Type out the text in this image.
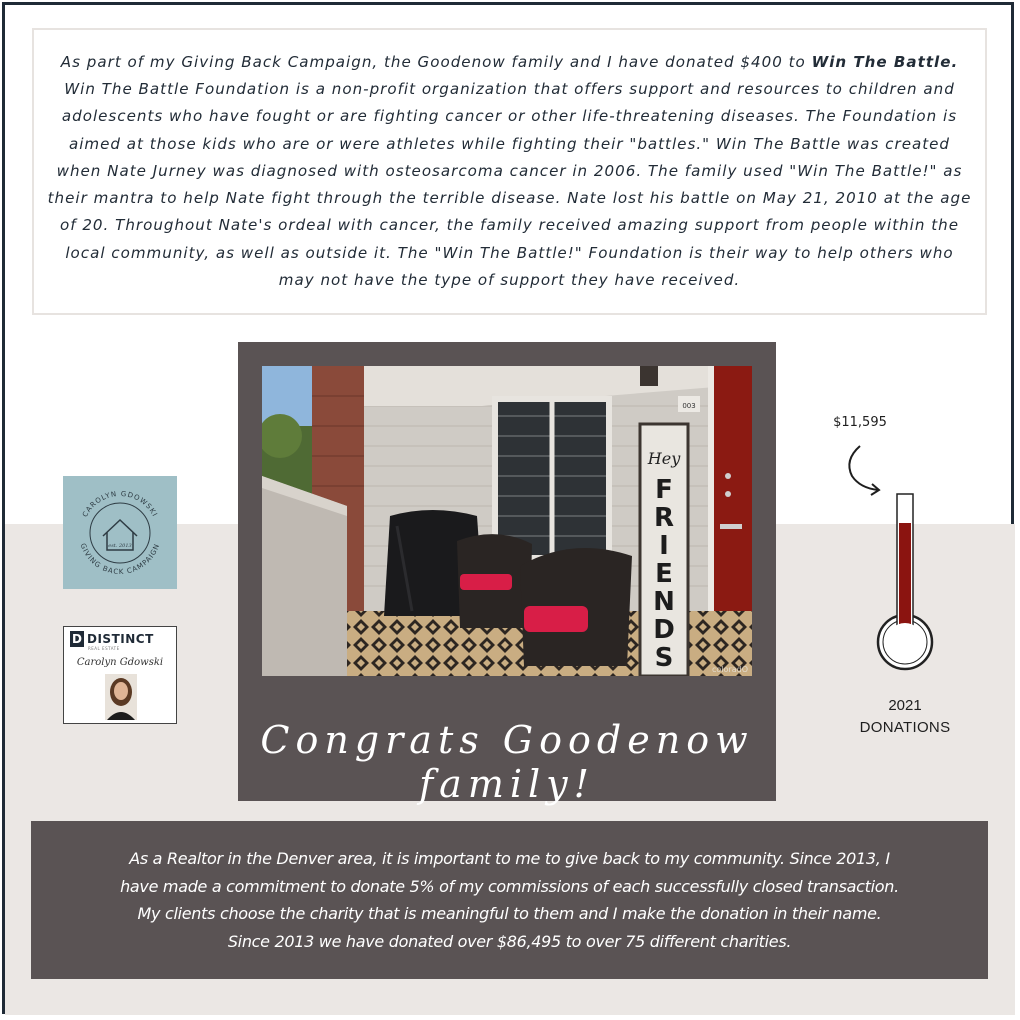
As part of my Giving Back Campaign, the Goodenow family and I have donated $400 to Win The Battle. Win The Battle Foundation is a non-profit organization that offers support and resources to children and adolescents who have fought or are fighting cancer or other life-threatening diseases. The Foundation is aimed at those kids who are or were athletes while fighting their "battles." Win The Battle was created when Nate Jurney was diagnosed with osteosarcoma cancer in 2006. The family used "Win The Battle!" as their mantra to help Nate fight through the terrible disease. Nate lost his battle on May 21, 2010 at the age of 20. Throughout Nate's ordeal with cancer, the family received amazing support from people within the local community, as well as outside it. The "Win The Battle!" Foundation is their way to help others who may not have the type of support they have received.

003
Hey
F
R
I
E
N
D
S	coloradO
Congrats Goodenow family!
CAROLYN GDOWSKI
GIVING BACK CAMPAIGN
est. 2013
D DISTINCT
REAL ESTATE
Carolyn Gdowski
$11,595
2021
DONATIONS

As a Realtor in the Denver area, it is important to me to give back to my community. Since 2013, I
have made a commitment to donate 5% of my commissions of each successfully closed transaction.
My clients choose the charity that is meaningful to them and I make the donation in their name.
Since 2013 we have donated over $86,495 to over 75 different charities.
